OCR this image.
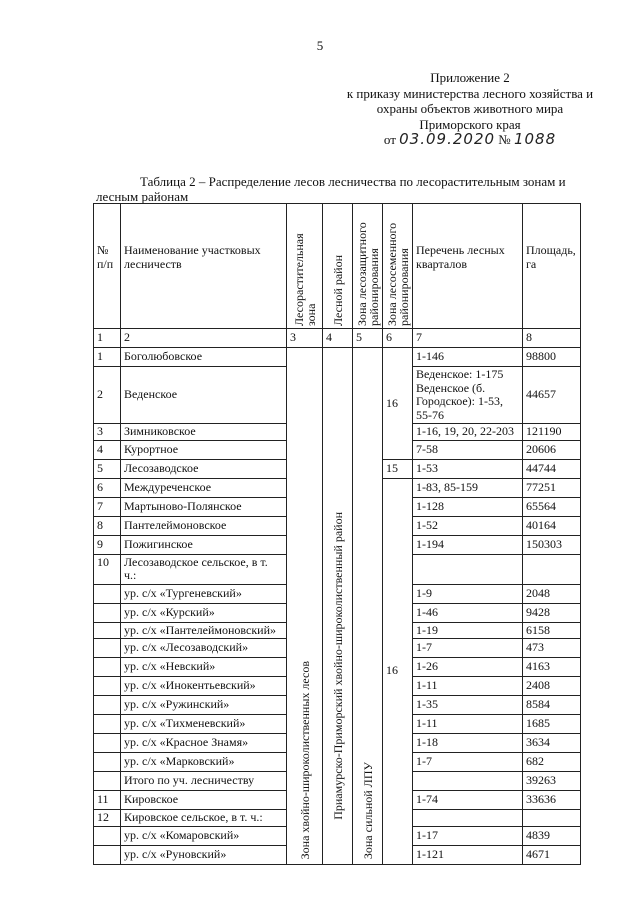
5
Приложение 2
к приказу министерства лесного хозяйства и
охраны объектов животного мира
Приморского края
от 03.09.2020 № 1088
Таблица 2 – Распределение лесов лесничества по лесорастительным зонам и
лесным районам
№ п/п	Наименование участковых лесничеств	Лесорастительная зона	Лесной район	Зона лесозащитного районирования	Зона лесосеменного районирования	Перечень лесных кварталов	Площадь, га
1	2	3	4	5	6	7	8
1	Боголюбовское	Зона хвойно-широколиственных лесов	Приамурско-Приморский хвойно-широколиственный район	Зона сильной ЛПУ	16	1-146	98800
2	Веденское					Веденское: 1-175 Веденское (б. Городское): 1-53, 55-76	44657
3	Зимниковское					1-16, 19, 20, 22-203	121190
4	Курортное					7-58	20606
5	Лесозаводское				15	1-53	44744
6	Междуреченское				16	1-83, 85-159	77251
7	Мартыново-Полянское					1-128	65564
8	Пантелеймоновское					1-52	40164
9	Пожигинское					1-194	150303
10	Лесозаводское сельское, в т. ч.:						
	ур. с/х «Тургеневский»					1-9	2048
	ур. с/х «Курский»					1-46	9428
	ур. с/х «Пантелеймоновский»					1-19	6158
	ур. с/х «Лесозаводский»					1-7	473
	ур. с/х «Невский»					1-26	4163
	ур. с/х «Инокентьевский»					1-11	2408
	ур. с/х «Ружинский»					1-35	8584
	ур. с/х «Тихменевский»					1-11	1685
	ур. с/х «Красное Знамя»					1-18	3634
	ур. с/х «Марковский»					1-7	682
	Итого по уч. лесничеству						39263
11	Кировское					1-74	33636
12	Кировское сельское, в т. ч.:						
	ур. с/х «Комаровский»					1-17	4839
	ур. с/х «Руновский»					1-121	4671
